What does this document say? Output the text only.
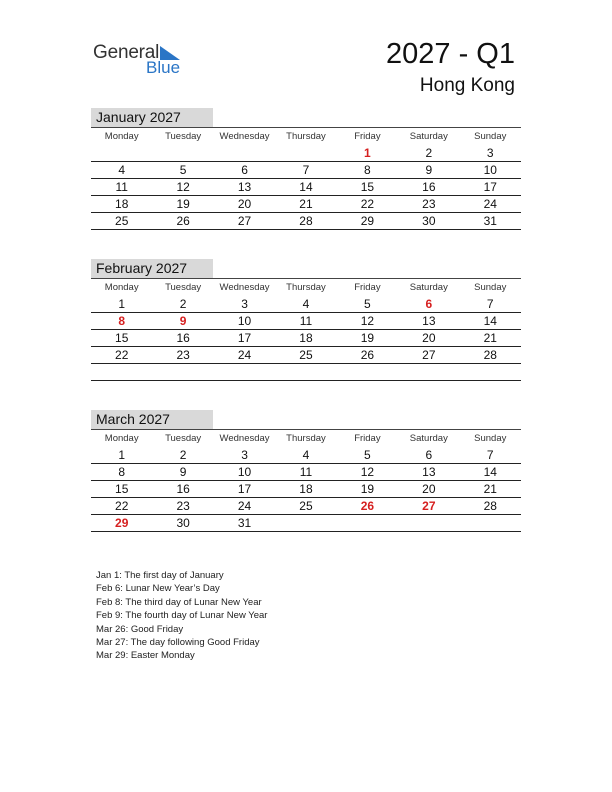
General
Blue	2027 - Q1
Hong Kong
January 2027
Monday	Tuesday	Wednesday	Thursday	Friday	Saturday	Sunday
				1	2	3
4	5	6	7	8	9	10
11	12	13	14	15	16	17
18	19	20	21	22	23	24
25	26	27	28	29	30	31
February 2027
Monday	Tuesday	Wednesday	Thursday	Friday	Saturday	Sunday
1	2	3	4	5	6	7
8	9	10	11	12	13	14
15	16	17	18	19	20	21
22	23	24	25	26	27	28

March 2027
Monday	Tuesday	Wednesday	Thursday	Friday	Saturday	Sunday
1	2	3	4	5	6	7
8	9	10	11	12	13	14
15	16	17	18	19	20	21
22	23	24	25	26	27	28
29	30	31				
Jan 1: The first day of January
Feb 6: Lunar New Year’s Day
Feb 8: The third day of Lunar New Year
Feb 9: The fourth day of Lunar New Year
Mar 26: Good Friday
Mar 27: The day following Good Friday
Mar 29: Easter Monday
